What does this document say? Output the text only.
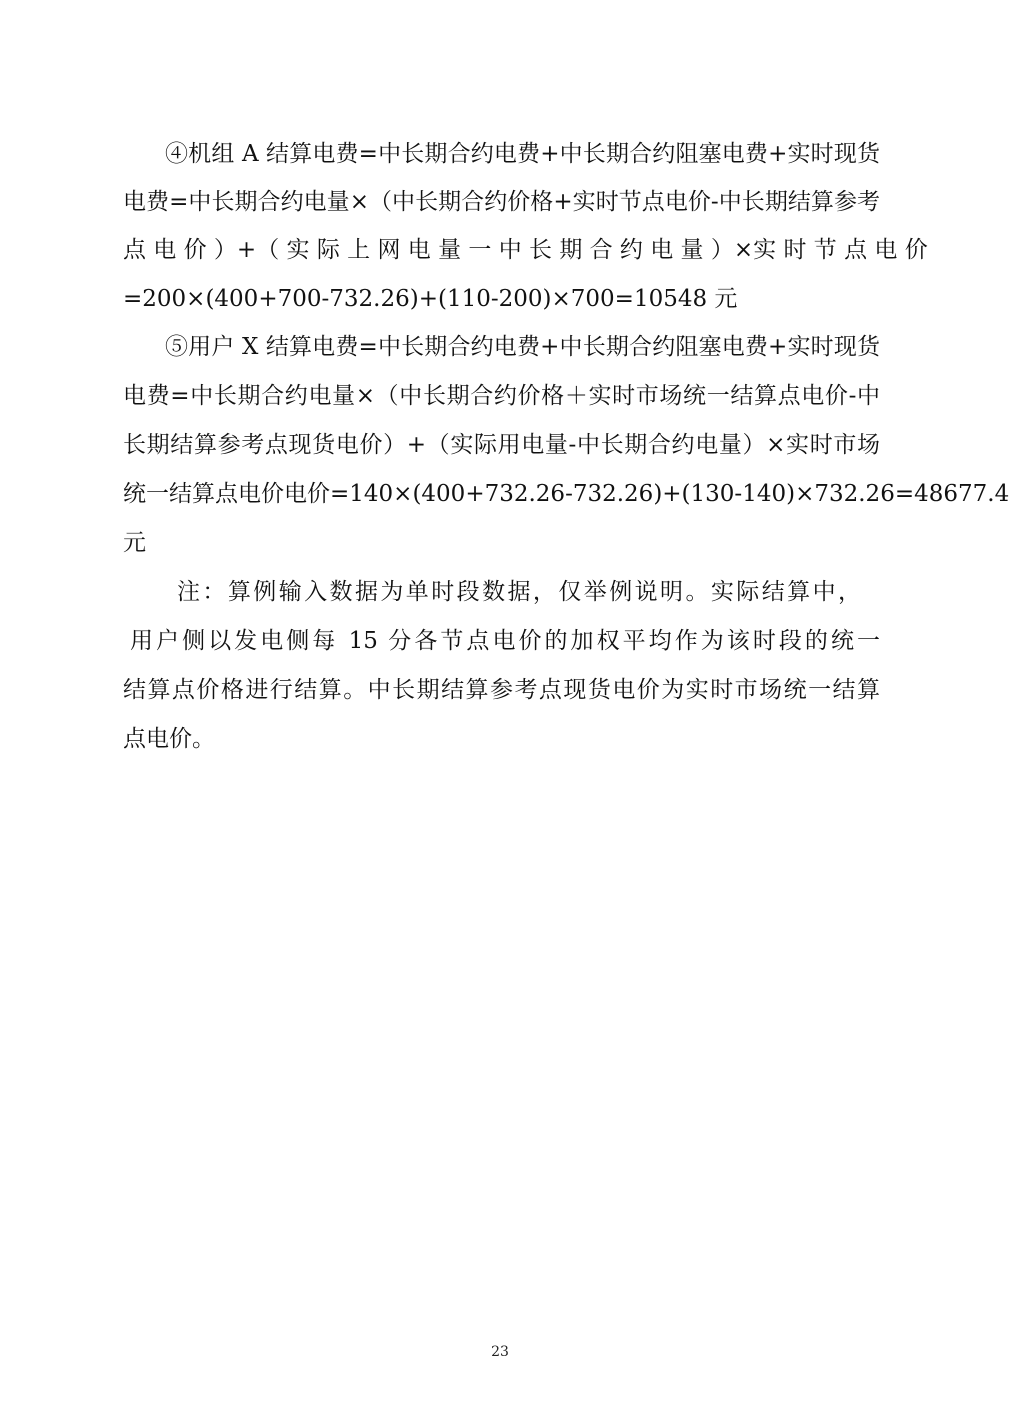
④机组 A 结算电费=中长期合约电费+中长期合约阻塞电费+实时现货
电费=中长期合约电量×（中长期合约价格+实时节点电价-中长期结算参考
点 电 价 ）+（ 实 际 上 网 电 量 一 中 长 期 合 约 电 量 ）×实 时 节 点 电 价
=200×(400+700-732.26)+(110-200)×700=10548 元
⑤用户 X 结算电费=中长期合约电费+中长期合约阻塞电费+实时现货
电费=中长期合约电量×（中长期合约价格＋实时市场统一结算点电价-中
长期结算参考点现货电价）+（实际用电量-中长期合约电量）×实时市场
统一结算点电价电价=140×(400+732.26-732.26)+(130-140)×732.26=48677.4
元
注：算例输入数据为单时段数据，仅举例说明。实际结算中，
用户侧以发电侧每 15 分各节点电价的加权平均作为该时段的统一
结算点价格进行结算。中长期结算参考点现货电价为实时市场统一结算
点电价。
23
